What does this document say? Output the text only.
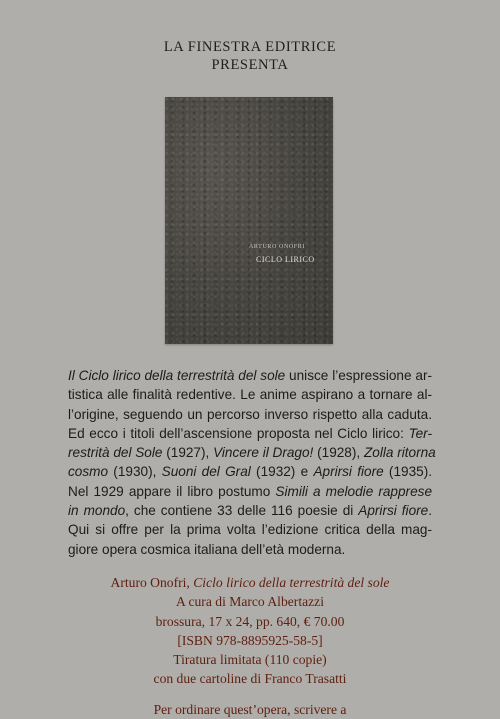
LA FINESTRA EDITRICE
PRESENTA
ARTURO ONOFRI
CICLO LIRICO
Il Ciclo lirico della terrestrità del sole unisce l’espressione ar-
tistica alle finalità redentive. Le anime aspirano a tornare al-
l’origine, seguendo un percorso inverso rispetto alla caduta.
Ed ecco i titoli dell’ascensione proposta nel Ciclo lirico: Ter-
restrità del Sole (1927), Vincere il Drago! (1928), Zolla ritorna
cosmo (1930), Suoni del Gral (1932) e Aprirsi fiore (1935).
Nel 1929 appare il libro postumo Simili a melodie rapprese
in mondo, che contiene 33 delle 116 poesie di Aprirsi fiore.
Qui si offre per la prima volta l’edizione critica della mag-
giore opera cosmica italiana dell’età moderna.
Arturo Onofri, Ciclo lirico della terrestrità del sole
A cura di Marco Albertazzi
brossura, 17 x 24, pp. 640, € 70.00
[ISBN 978-8895925-58-5]
Tiratura limitata (110 copie)
con due cartoline di Franco Trasatti
Per ordinare quest’opera, scrivere a
